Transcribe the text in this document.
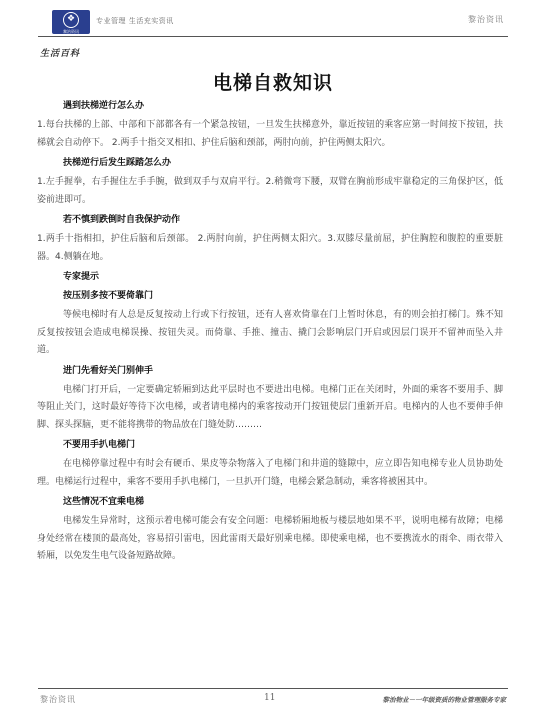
❖
黎治资讯
专业管理 生活充实资讯	黎治资讯
生活百科
电梯自救知识

遇到扶梯逆行怎么办

1.每台扶梯的上部、中部和下部都各有一个紧急按钮，一旦发生扶梯意外，靠近按钮的乘客应第一时间按下按钮，扶梯就会自动停下。 2.两手十指交叉相扣、护住后脑和颈部，两肘向前，护住两侧太阳穴。

扶梯逆行后发生踩踏怎么办

1.左手握拳，右手握住左手手腕，做到双手与双肩平行。2.稍微弯下腰，双臂在胸前形成牢靠稳定的三角保护区，低姿前进即可。

若不慎到跌倒时自我保护动作

1.两手十指相扣，护住后脑和后颈部。 2.两肘向前，护住两侧太阳穴。3.双膝尽量前屈，护住胸腔和腹腔的重要脏器。4.侧躺在地。

专家提示

按压别多按不要倚靠门

等候电梯时有人总是反复按动上行或下行按钮，还有人喜欢倚靠在门上暂时休息，有的则会拍打梯门。殊不知反复按按钮会造成电梯误操、按钮失灵。而倚靠、手推、撞击、撬门会影响层门开启或因层门误开不留神而坠入井道。

进门先看好关门别伸手

电梯门打开后，一定要确定轿厢到达此平层时也不要进出电梯。电梯门正在关闭时，外面的乘客不要用手、脚等阻止关门，这时最好等待下次电梯，或者请电梯内的乘客按动开门按钮使层门重新开启。电梯内的人也不要伸手伸脚、探头探脑，更不能将携带的物品放在门缝处防………

不要用手扒电梯门

在电梯停靠过程中有时会有硬币、果皮等杂物落入了电梯门和井道的缝隙中，应立即告知电梯专业人员协助处理。电梯运行过程中，乘客不要用手扒电梯门，一旦扒开门缝，电梯会紧急制动，乘客将被困其中。

这些情况不宜乘电梯

电梯发生异常时，这预示着电梯可能会有安全问题：电梯轿厢地板与楼层地如果不平，说明电梯有故障；电梯身处经常在楼顶的最高处，容易招引雷电，因此雷雨天最好别乘电梯。即使乘电梯，也不要携流水的雨伞、雨衣带入轿厢，以免发生电气设备短路故障。

黎治资讯	11	黎治物业－一年级资质的物业管理服务专家
